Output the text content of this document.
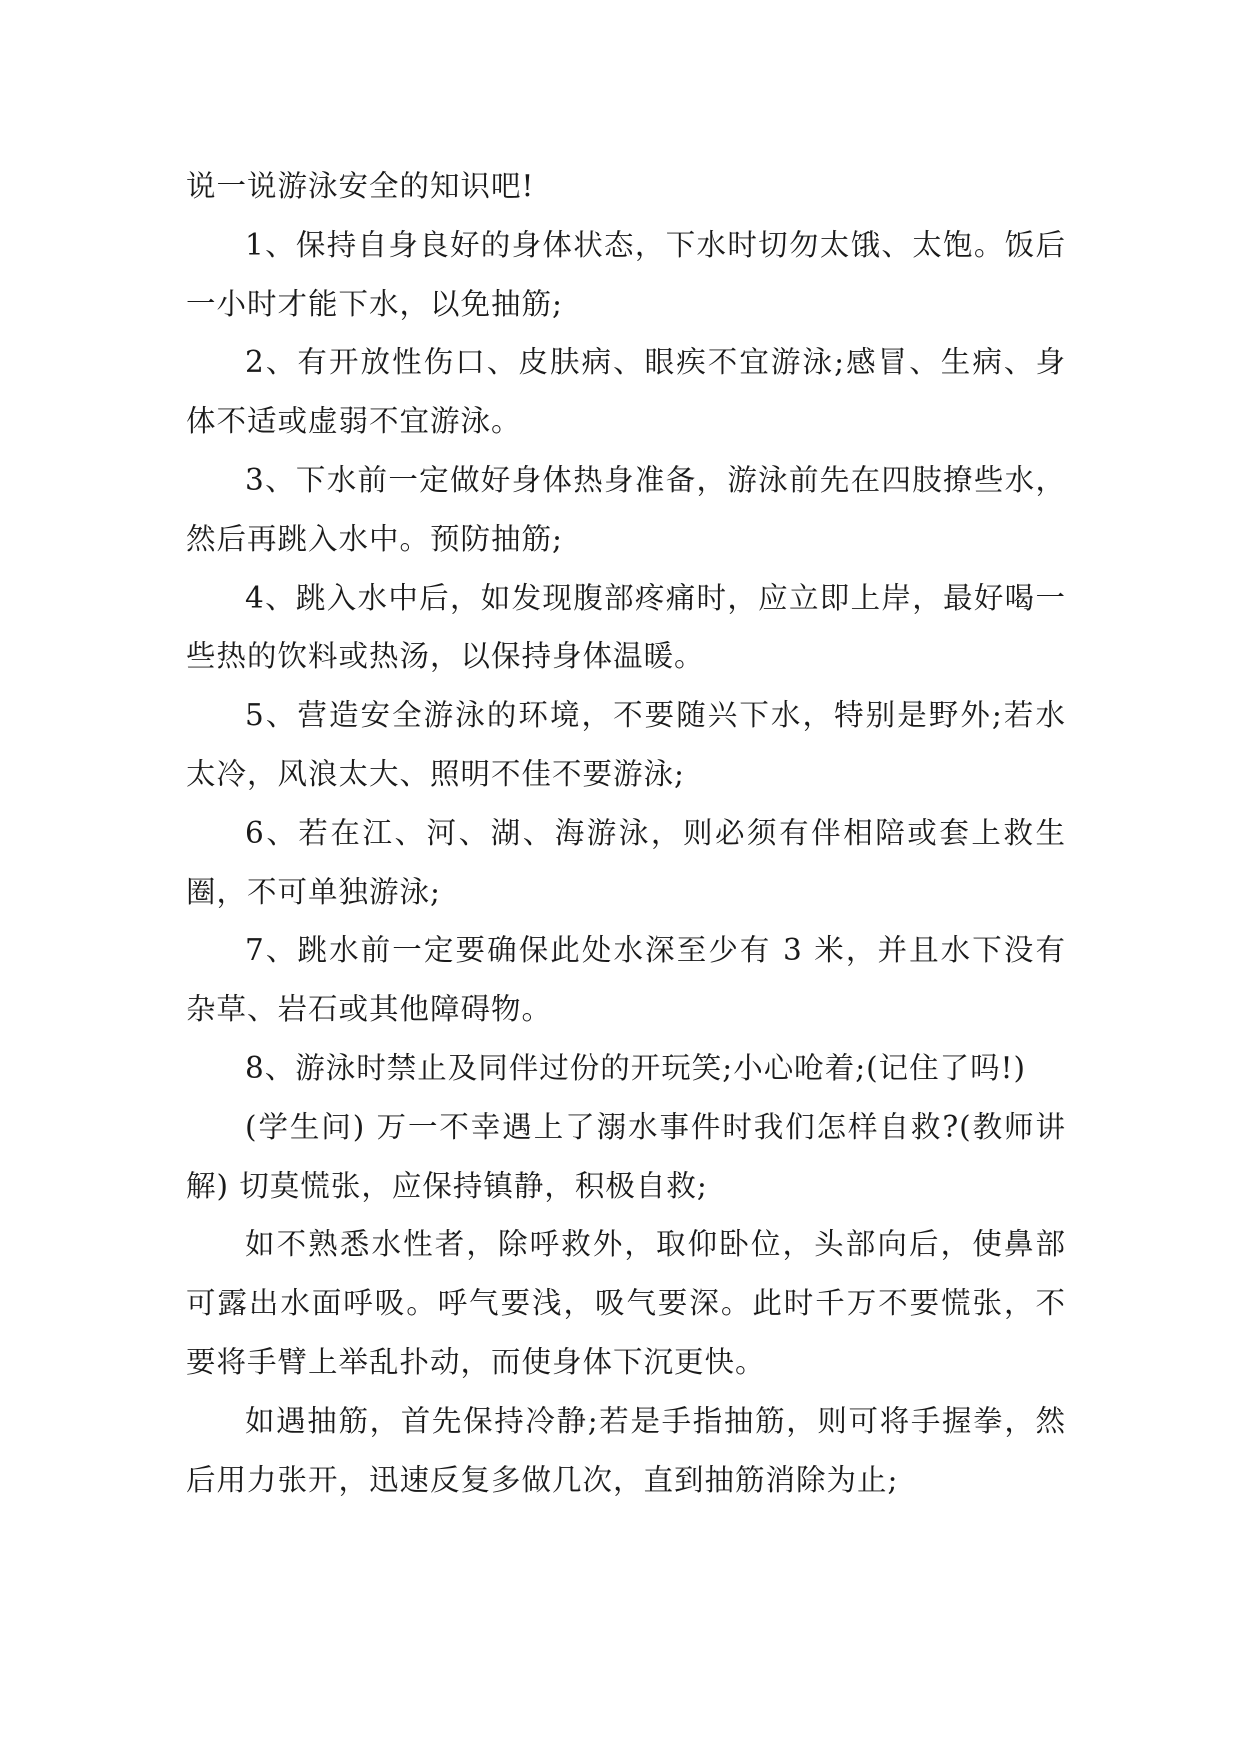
说一说游泳安全的知识吧!

1、保持自身良好的身体状态，下水时切勿太饿、太饱。饭后一小时才能下水，以免抽筋;

2、有开放性伤口、皮肤病、眼疾不宜游泳;感冒、生病、身体不适或虚弱不宜游泳。

3、下水前一定做好身体热身准备，游泳前先在四肢撩些水，然后再跳入水中。预防抽筋;

4、跳入水中后，如发现腹部疼痛时，应立即上岸，最好喝一些热的饮料或热汤，以保持身体温暖。

5、营造安全游泳的环境，不要随兴下水，特别是野外;若水太冷，风浪太大、照明不佳不要游泳;

6、若在江、河、湖、海游泳，则必须有伴相陪或套上救生圈，不可单独游泳;

7、跳水前一定要确保此处水深至少有 3 米，并且水下没有杂草、岩石或其他障碍物。

8、游泳时禁止及同伴过份的开玩笑;小心呛着;(记住了吗!)

(学生问) 万一不幸遇上了溺水事件时我们怎样自救?(教师讲解) 切莫慌张，应保持镇静，积极自救;

如不熟悉水性者，除呼救外，取仰卧位，头部向后，使鼻部可露出水面呼吸。呼气要浅，吸气要深。此时千万不要慌张，不要将手臂上举乱扑动，而使身体下沉更快。

如遇抽筋，首先保持冷静;若是手指抽筋，则可将手握拳，然后用力张开，迅速反复多做几次，直到抽筋消除为止;
